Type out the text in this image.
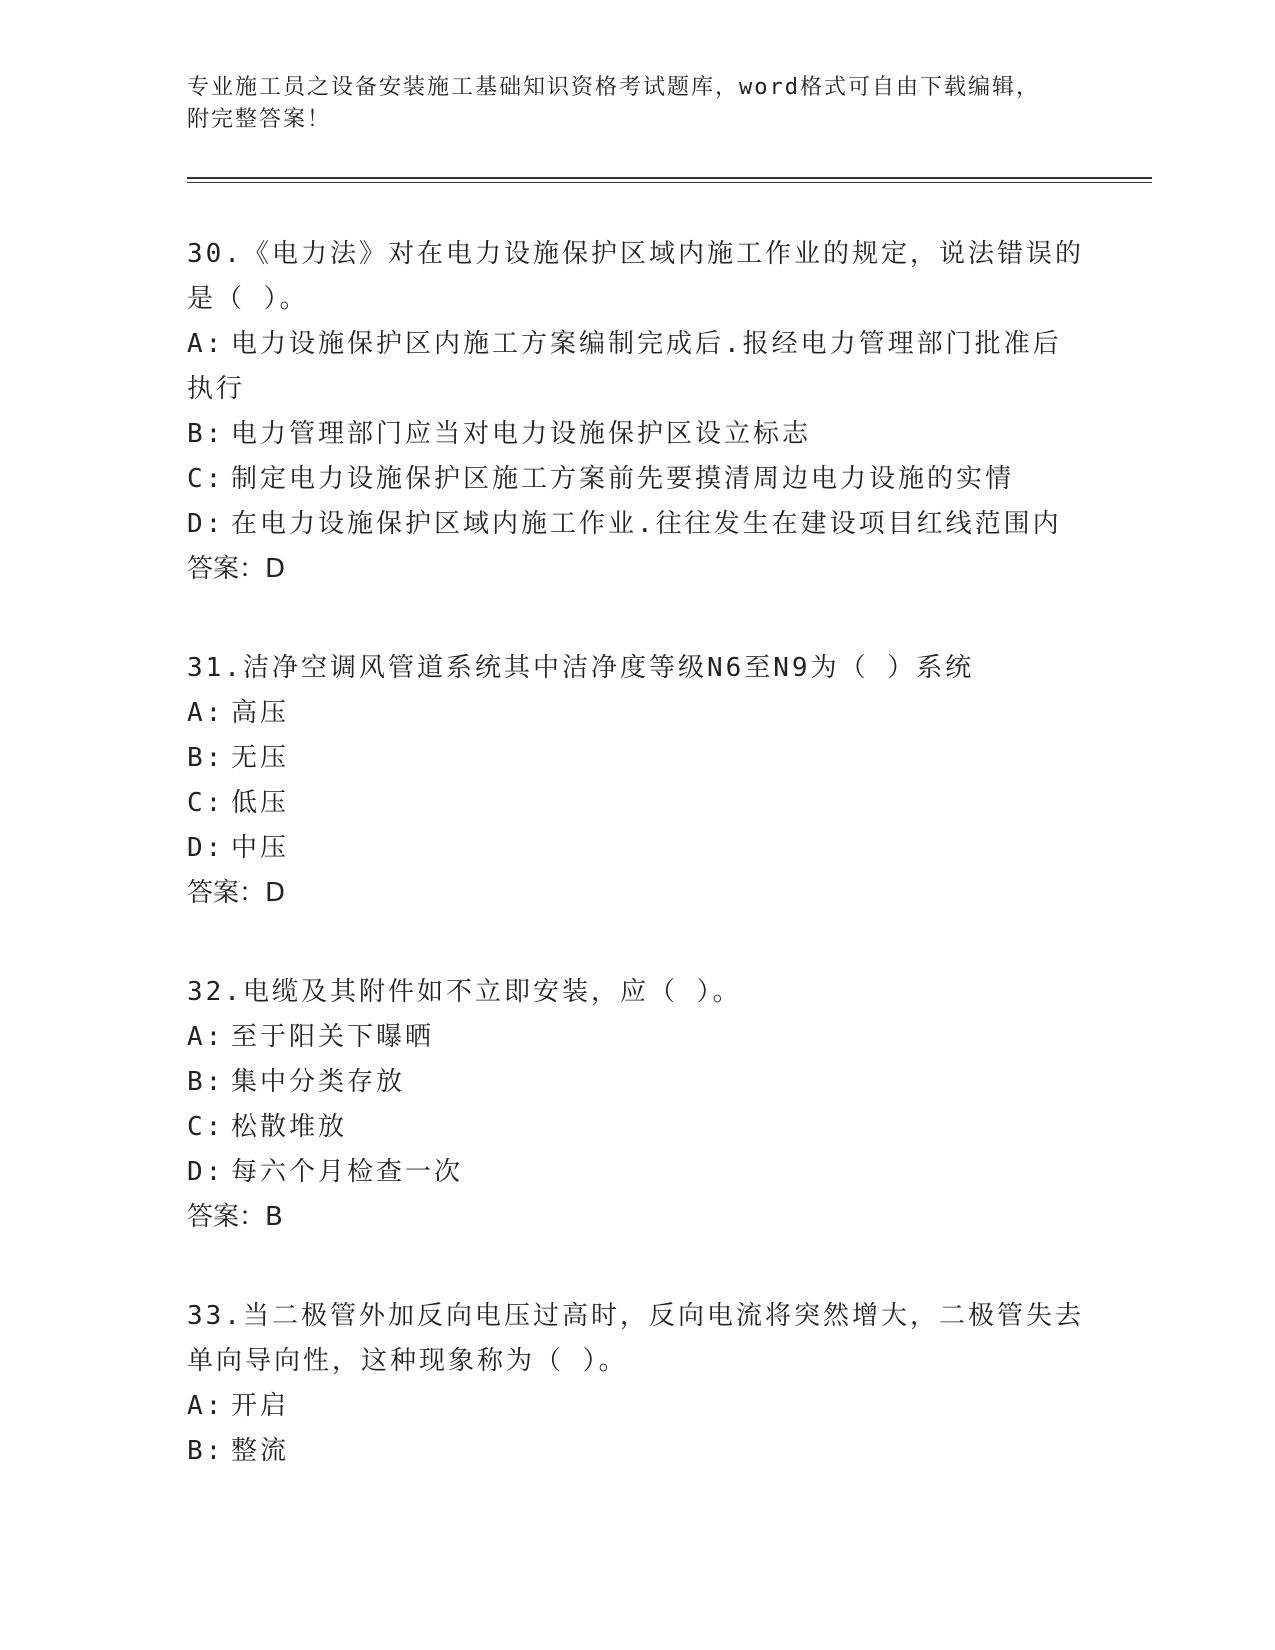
专业施工员之设备安装施工基础知识资格考试题库，word格式可自由下载编辑，
附完整答案！
30.《电力法》对在电力设施保护区域内施工作业的规定，说法错误的
是（ ）。
A: 电力设施保护区内施工方案编制完成后.报经电力管理部门批准后
执行
B: 电力管理部门应当对电力设施保护区设立标志
C: 制定电力设施保护区施工方案前先要摸清周边电力设施的实情
D: 在电力设施保护区域内施工作业.往往发生在建设项目红线范围内
答案：D
31.洁净空调风管道系统其中洁净度等级N6至N9为（ ）系统
A: 高压
B: 无压
C: 低压
D: 中压
答案：D
32.电缆及其附件如不立即安装，应（ ）。
A: 至于阳关下曝晒
B: 集中分类存放
C: 松散堆放
D: 每六个月检查一次
答案：B
33.当二极管外加反向电压过高时，反向电流将突然增大，二极管失去
单向导向性，这种现象称为（ ）。
A: 开启
B: 整流
